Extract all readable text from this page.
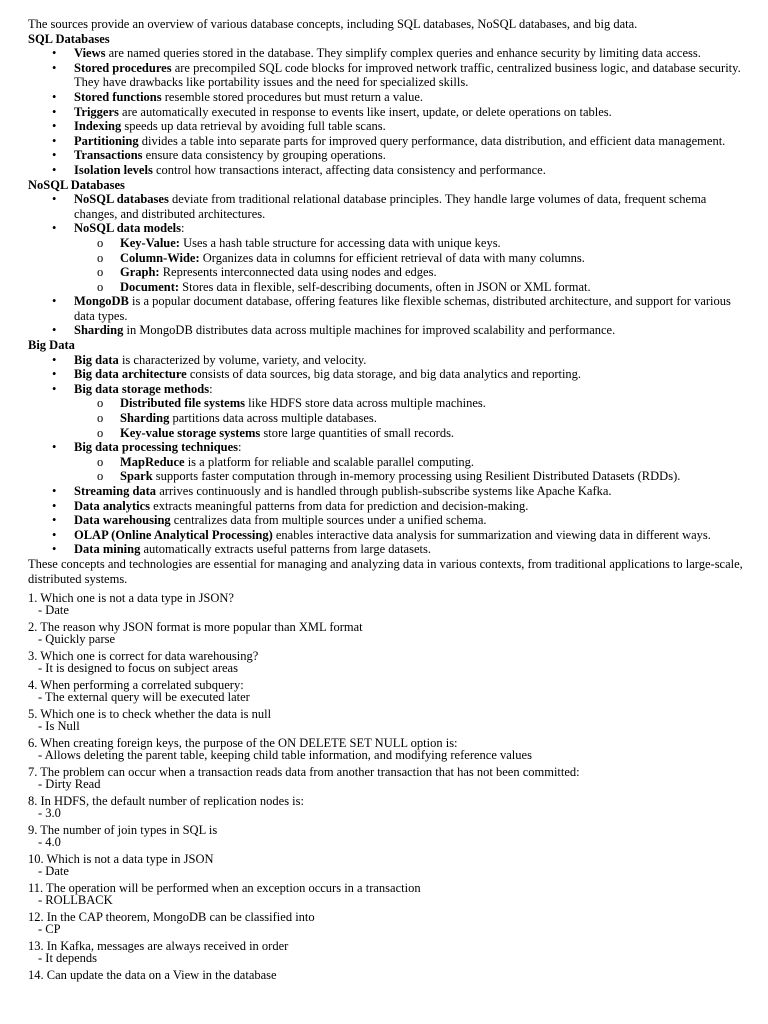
The sources provide an overview of various database concepts, including SQL databases, NoSQL databases, and big data.

SQL Databases
• Views are named queries stored in the database. They simplify complex queries and enhance security by limiting data access.
• Stored procedures are precompiled SQL code blocks for improved network traffic, centralized business logic, and database security. They have drawbacks like portability issues and the need for specialized skills.
• Stored functions resemble stored procedures but must return a value.
• Triggers are automatically executed in response to events like insert, update, or delete operations on tables.
• Indexing speeds up data retrieval by avoiding full table scans.
• Partitioning divides a table into separate parts for improved query performance, data distribution, and efficient data management.
• Transactions ensure data consistency by grouping operations.
• Isolation levels control how transactions interact, affecting data consistency and performance.
NoSQL Databases
• NoSQL databases deviate from traditional relational database principles. They handle large volumes of data, frequent schema changes, and distributed architectures.
• NoSQL data models:
o Key-Value: Uses a hash table structure for accessing data with unique keys.
o Column-Wide: Organizes data in columns for efficient retrieval of data with many columns.
o Graph: Represents interconnected data using nodes and edges.
o Document: Stores data in flexible, self-describing documents, often in JSON or XML format.
• MongoDB is a popular document database, offering features like flexible schemas, distributed architecture, and support for various data types.
• Sharding in MongoDB distributes data across multiple machines for improved scalability and performance.
Big Data
• Big data is characterized by volume, variety, and velocity.
• Big data architecture consists of data sources, big data storage, and big data analytics and reporting.
• Big data storage methods:
o Distributed file systems like HDFS store data across multiple machines.
o Sharding partitions data across multiple databases.
o Key-value storage systems store large quantities of small records.
• Big data processing techniques:
o MapReduce is a platform for reliable and scalable parallel computing.
o Spark supports faster computation through in-memory processing using Resilient Distributed Datasets (RDDs).
• Streaming data arrives continuously and is handled through publish-subscribe systems like Apache Kafka.
• Data analytics extracts meaningful patterns from data for prediction and decision-making.
• Data warehousing centralizes data from multiple sources under a unified schema.
• OLAP (Online Analytical Processing) enables interactive data analysis for summarization and viewing data in different ways.
• Data mining automatically extracts useful patterns from large datasets.

These concepts and technologies are essential for managing and analyzing data in various contexts, from traditional applications to large-scale, distributed systems.

1. Which one is not a data type in JSON?
- Date
2. The reason why JSON format is more popular than XML format
- Quickly parse
3. Which one is correct for data warehousing?
- It is designed to focus on subject areas
4. When performing a correlated subquery:
- The external query will be executed later
5. Which one is to check whether the data is null
- Is Null
6. When creating foreign keys, the purpose of the ON DELETE SET NULL option is:
- Allows deleting the parent table, keeping child table information, and modifying reference values
7. The problem can occur when a transaction reads data from another transaction that has not been committed:
- Dirty Read
8. In HDFS, the default number of replication nodes is:
- 3.0
9. The number of join types in SQL is
- 4.0
10. Which is not a data type in JSON
- Date
11. The operation will be performed when an exception occurs in a transaction
- ROLLBACK
12. In the CAP theorem, MongoDB can be classified into
- CP
13. In Kafka, messages are always received in order
- It depends
14. Can update the data on a View in the database
